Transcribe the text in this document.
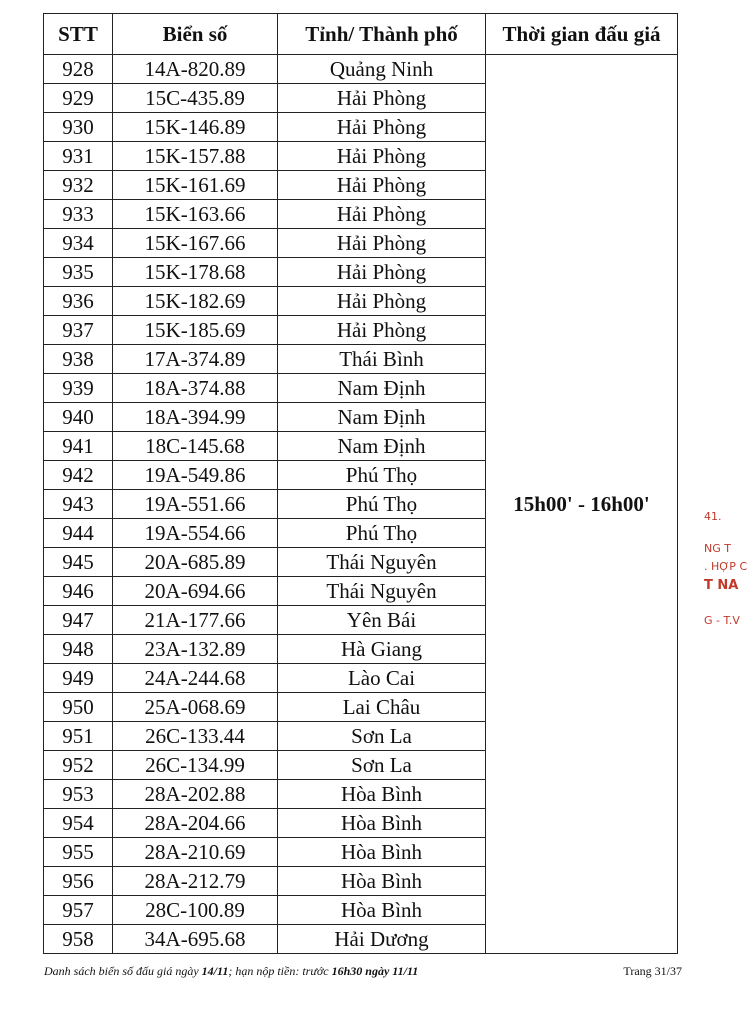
STT	Biển số	Tỉnh/ Thành phố	Thời gian đấu giá
928	14A-820.89	Quảng Ninh	15h00' - 16h00'
929	15C-435.89	Hải Phòng	
930	15K-146.89	Hải Phòng	
931	15K-157.88	Hải Phòng	
932	15K-161.69	Hải Phòng	
933	15K-163.66	Hải Phòng	
934	15K-167.66	Hải Phòng	
935	15K-178.68	Hải Phòng	
936	15K-182.69	Hải Phòng	
937	15K-185.69	Hải Phòng	
938	17A-374.89	Thái Bình	
939	18A-374.88	Nam Định	
940	18A-394.99	Nam Định	
941	18C-145.68	Nam Định	
942	19A-549.86	Phú Thọ	
943	19A-551.66	Phú Thọ	
944	19A-554.66	Phú Thọ	
945	20A-685.89	Thái Nguyên	
946	20A-694.66	Thái Nguyên	
947	21A-177.66	Yên Bái	
948	23A-132.89	Hà Giang	
949	24A-244.68	Lào Cai	
950	25A-068.69	Lai Châu	
951	26C-133.44	Sơn La	
952	26C-134.99	Sơn La	
953	28A-202.88	Hòa Bình	
954	28A-204.66	Hòa Bình	
955	28A-210.69	Hòa Bình	
956	28A-212.79	Hòa Bình	
957	28C-100.89	Hòa Bình	
958	34A-695.68	Hải Dương	
Danh sách biển số đấu giá ngày 14/11; hạn nộp tiền: trước 16h30 ngày 11/11	Trang 31/37
41.
NG T
. HỢP C
T NA
G - T.V
